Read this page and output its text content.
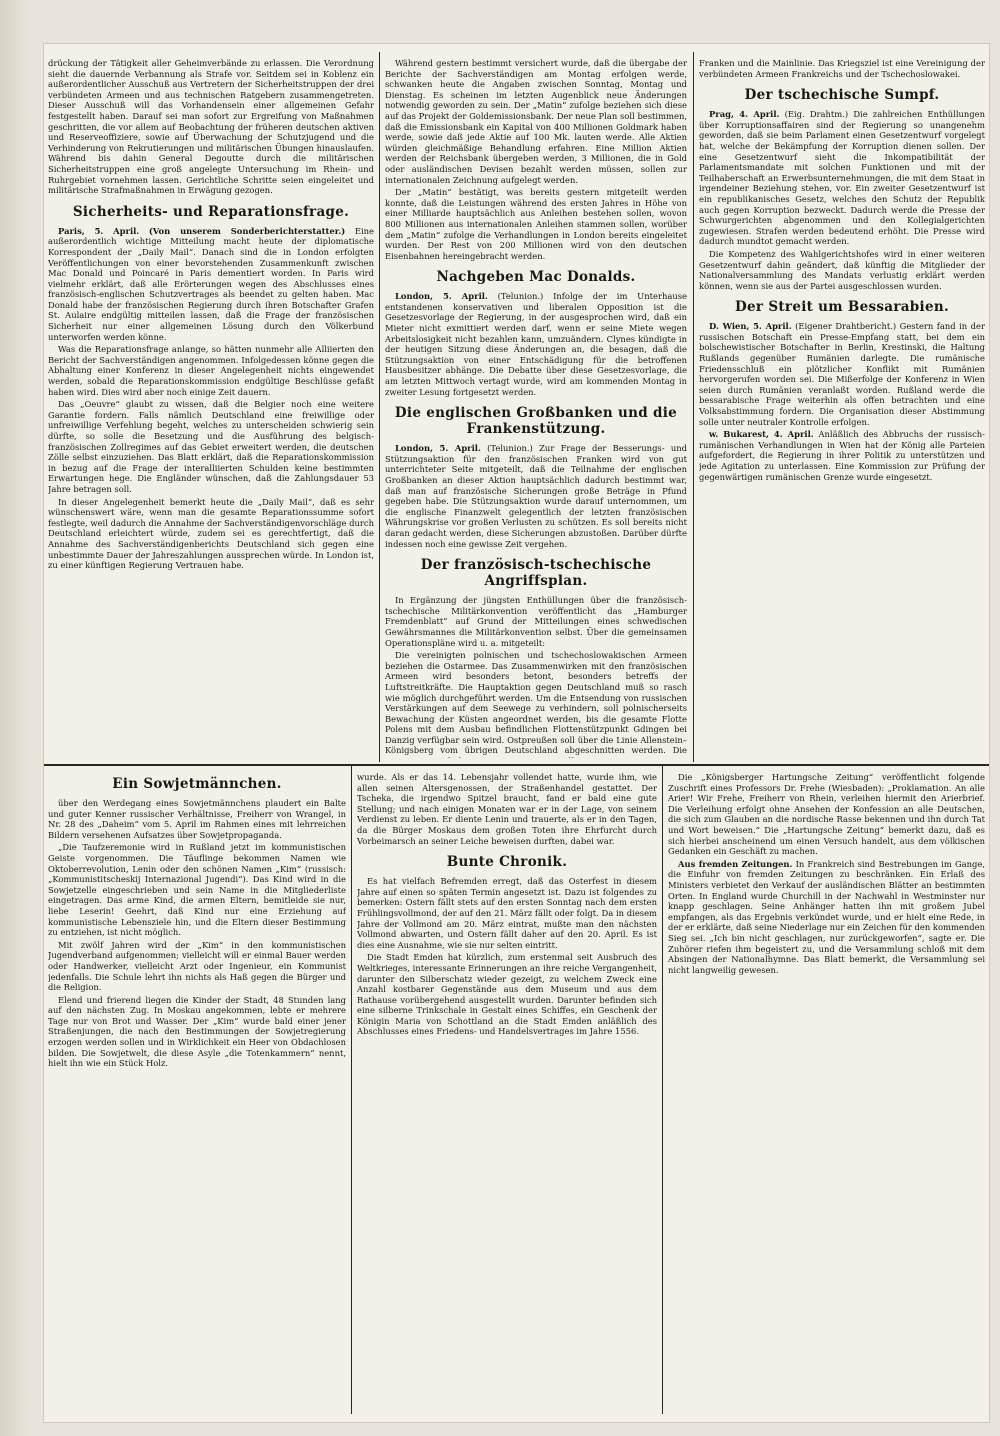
drückung der Tätigkeit aller Geheimverbände zu erlassen. Die Verordnung sieht die dauernde Verbannung als Strafe vor. Seitdem sei in Koblenz ein außerordentlicher Ausschuß aus Vertretern der Sicherheitstruppen der drei verbündeten Armeen und aus technischen Ratgebern zusammengetreten. Dieser Ausschuß will das Vorhandensein einer allgemeinen Gefahr festgestellt haben. Darauf sei man sofort zur Ergreifung von Maßnahmen geschritten, die vor allem auf Beobachtung der früheren deutschen aktiven und Reserveoffiziere, sowie auf Überwachung der Schutzjugend und die Verhinderung von Rekrutierungen und militärischen Übungen hinauslaufen. Während bis dahin General Degoutte durch die militärischen Sicherheitstruppen eine groß angelegte Untersuchung im Rhein- und Ruhrgebiet vornehmen lassen. Gerichtliche Schritte seien eingeleitet und militärische Strafmaßnahmen in Erwägung gezogen.

Sicherheits- und Reparationsfrage.

Paris, 5. April. (Von unserem Sonderberichterstatter.) Eine außerordentlich wichtige Mitteilung macht heute der diplomatische Korrespondent der „Daily Mail“. Danach sind die in London erfolgten Veröffentlichungen von einer bevorstehenden Zusammenkunft zwischen Mac Donald und Poincaré in Paris dementiert worden. In Paris wird vielmehr erklärt, daß alle Erörterungen wegen des Abschlusses eines französisch-englischen Schutzvertrages als beendet zu gelten haben. Mac Donald habe der französischen Regierung durch ihren Botschafter Grafen St. Aulaire endgültig mitteilen lassen, daß die Frage der französischen Sicherheit nur einer allgemeinen Lösung durch den Völkerbund unterworfen werden könne.

Was die Reparationsfrage anlange, so hätten nunmehr alle Alliierten den Bericht der Sachverständigen angenommen. Infolgedessen könne gegen die Abhaltung einer Konferenz in dieser Angelegenheit nichts eingewendet werden, sobald die Reparationskommission endgültige Beschlüsse gefaßt haben wird. Dies wird aber noch einige Zeit dauern.

Das „Oeuvre“ glaubt zu wissen, daß die Belgier noch eine weitere Garantie fordern. Falls nämlich Deutschland eine freiwillige oder unfreiwillige Verfehlung begeht, welches zu unterscheiden schwierig sein dürfte, so solle die Besetzung und die Ausführung des belgisch-französischen Zollregimes auf das Gebiet erweitert werden, die deutschen Zölle selbst einzuziehen. Das Blatt erklärt, daß die Reparationskommission in bezug auf die Frage der interalliierten Schulden keine bestimmten Erwartungen hege. Die Engländer wünschen, daß die Zahlungsdauer 53 Jahre betragen soll.

In dieser Angelegenheit bemerkt heute die „Daily Mail“, daß es sehr wünschenswert wäre, wenn man die gesamte Reparationssumme sofort festlegte, weil dadurch die Annahme der Sachverständigenvorschläge durch Deutschland erleichtert würde, zudem sei es gerechtfertigt, daß die Annahme des Sachverständigenberichts Deutschland sich gegen eine unbestimmte Dauer der Jahreszahlungen aussprechen würde. In London ist, zu einer künftigen Regierung Vertrauen habe.

Während gestern bestimmt versichert wurde, daß die übergabe der Berichte der Sachverständigen am Montag erfolgen werde, schwanken heute die Angaben zwischen Sonntag, Montag und Dienstag. Es scheinen im letzten Augenblick neue Änderungen notwendig geworden zu sein. Der „Matin“ zufolge beziehen sich diese auf das Projekt der Goldemissionsbank. Der neue Plan soll bestimmen, daß die Emissionsbank ein Kapital von 400 Millionen Goldmark haben werde, sowie daß jede Aktie auf 100 Mk. lauten werde. Alle Aktien würden gleichmäßige Behandlung erfahren. Eine Million Aktien werden der Reichsbank übergeben werden, 3 Millionen, die in Gold oder ausländischen Devisen bezahlt werden müssen, sollen zur internationalen Zeichnung aufgelegt werden.

Der „Matin“ bestätigt, was bereits gestern mitgeteilt werden konnte, daß die Leistungen während des ersten Jahres in Höhe von einer Milliarde hauptsächlich aus Anleihen bestehen sollen, wovon 800 Millionen aus internationalen Anleihen stammen sollen, worüber dem „Matin“ zufolge die Verhandlungen in London bereits eingeleitet wurden. Der Rest von 200 Millionen wird von den deutschen Eisenbahnen hereingebracht werden.

Nachgeben Mac Donalds.

London, 5. April. (Telunion.) Infolge der im Unterhause entstandenen konservativen und liberalen Opposition ist die Gesetzesvorlage der Regierung, in der ausgesprochen wird, daß ein Mieter nicht exmittiert werden darf, wenn er seine Miete wegen Arbeitslosigkeit nicht bezahlen kann, umzuändern. Clynes kündigte in der heutigen Sitzung diese Änderungen an, die besagen, daß die Stützungsaktion von einer Entschädigung für die betroffenen Hausbesitzer abhänge. Die Debatte über diese Gesetzesvorlage, die am letzten Mittwoch vertagt wurde, wird am kommenden Montag in zweiter Lesung fortgesetzt werden.

Die englischen Großbanken und die Frankenstützung.

London, 5. April. (Telunion.) Zur Frage der Besserungs- und Stützungsaktion für den französischen Franken wird von gut unterrichteter Seite mitgeteilt, daß die Teilnahme der englischen Großbanken an dieser Aktion hauptsächlich dadurch bestimmt war, daß man auf französische Sicherungen große Beträge in Pfund gegeben habe. Die Stützungsaktion wurde darauf unternommen, um die englische Finanzwelt gelegentlich der letzten französischen Währungskrise vor großen Verlusten zu schützen. Es soll bereits nicht daran gedacht werden, diese Sicherungen abzustoßen. Darüber dürfte indessen noch eine gewisse Zeit vergehen.

Der französisch-tschechische Angriffsplan.

In Ergänzung der jüngsten Enthüllungen über die französisch-tschechische Militärkonvention veröffentlicht das „Hamburger Fremdenblatt“ auf Grund der Mitteilungen eines schwedischen Gewährsmannes die Militärkonvention selbst. Über die gemeinsamen Operationspläne wird u. a. mitgeteilt:

Die vereinigten polnischen und tschechoslowakischen Armeen beziehen die Ostarmee. Das Zusammenwirken mit den französischen Armeen wird besonders betont, besonders betreffs der Luftstreitkräfte. Die Hauptaktion gegen Deutschland muß so rasch wie möglich durchgeführt werden. Um die Entsendung von russischen Verstärkungen auf dem Seewege zu verhindern, soll polnischerseits Bewachung der Küsten angeordnet werden, bis die gesamte Flotte Polens mit dem Ausbau befindlichen Flottenstützpunkt Gdingen bei Danzig verfügbar sein wird. Ostpreußen soll über die Linie Allenstein–Königsberg vom übrigen Deutschland abgeschnitten werden. Die

Franken und die Mainlinie. Das Kriegsziel ist eine Vereinigung der verbündeten Armeen Frankreichs und der Tschechoslowakei.

Der tschechische Sumpf.

Prag, 4. April. (Eig. Drahtm.) Die zahlreichen Enthüllungen über Korruptionsaffairen sind der Regierung so unangenehm geworden, daß sie beim Parlament einen Gesetzentwurf vorgelegt hat, welche der Bekämpfung der Korruption dienen sollen. Der eine Gesetzentwurf sieht die Inkompatibilität der Parlamentsmandate mit solchen Funktionen und mit der Teilhaberschaft an Erwerbsunternehmungen, die mit dem Staat in irgendeiner Beziehung stehen, vor. Ein zweiter Gesetzentwurf ist ein republikanisches Gesetz, welches den Schutz der Republik auch gegen Korruption bezweckt. Dadurch werde die Presse der Schwurgerichten abgenommen und den Kollegialgerichten zugewiesen. Strafen werden bedeutend erhöht. Die Presse wird dadurch mundtot gemacht werden.

Die Kompetenz des Wahlgerichtshofes wird in einer weiteren Gesetzentwurf dahin geändert, daß künftig die Mitglieder der Nationalversammlung des Mandats verlustig erklärt werden können, wenn sie aus der Partei ausgeschlossen wurden.

Der Streit um Bessarabien.

D. Wien, 5. April. (Eigener Drahtbericht.) Gestern fand in der russischen Botschaft ein Presse-Empfang statt, bei dem ein bolschewistischer Botschafter in Berlin, Krestinski, die Haltung Rußlands gegenüber Rumänien darlegte. Die rumänische Friedensschluß ein plötzlicher Konflikt mit Rumänien hervorgerufen worden sei. Die Mißerfolge der Konferenz in Wien seien durch Rumänien veranlaßt worden. Rußland werde die bessarabische Frage weiterhin als offen betrachten und eine Volksabstimmung fordern. Die Organisation dieser Abstimmung solle unter neutraler Kontrolle erfolgen.

w. Bukarest, 4. April. Anläßlich des Abbruchs der russisch-rumänischen Verhandlungen in Wien hat der König alle Parteien aufgefordert, die Regierung in ihrer Politik zu unterstützen und jede Agitation zu unterlassen. Eine Kommission zur Prüfung der gegenwärtigen rumänischen Grenze wurde eingesetzt.

Ein Sowjetmännchen.

über den Werdegang eines Sowjetmännchens plaudert ein Balte und guter Kenner russischer Verhältnisse, Freiherr von Wrangel, in Nr. 28 des „Daheim“ vom 5. April im Rahmen eines mit lehrreichen Bildern versehenen Aufsatzes über Sowjetpropaganda.

„Die Taufzeremonie wird in Rußland jetzt im kommunistischen Geiste vorgenommen. Die Täuflinge bekommen Namen wie Oktoberrevolution, Lenin oder den schönen Namen „Kim“ (russisch: „Kommunistitscheskij Internazional Jugendi“). Das Kind wird in die Sowjetzelle eingeschrieben und sein Name in die Mitgliederliste eingetragen. Das arme Kind, die armen Eltern, bemitleide sie nur, liebe Leserin! Geehrt, daß Kind nur eine Erziehung auf kommunistische Lebensziele hin, und die Eltern dieser Bestimmung zu entziehen, ist nicht möglich.

Mit zwölf Jahren wird der „Kim“ in den kommunistischen Jugendverband aufgenommen; vielleicht will er einmal Bauer werden oder Handwerker, vielleicht Arzt oder Ingenieur, ein Kommunist jedenfalls. Die Schule lehrt ihn nichts als Haß gegen die Bürger und die Religion.

Elend und frierend liegen die Kinder der Stadt, 48 Stunden lang auf den nächsten Zug. In Moskau angekommen, lebte er mehrere Tage nur von Brot und Wasser. Der „Kim“ wurde bald einer jener Straßenjungen, die nach den Bestimmungen der Sowjetregierung erzogen werden sollen und in Wirklichkeit ein Heer von Obdachlosen bilden. Die Sowjetwelt, die diese Asyle „die Totenkammern“ nennt, hielt ihn wie ein Stück Holz.

wurde. Als er das 14. Lebensjahr vollendet hatte, wurde ihm, wie allen seinen Altersgenossen, der Straßenhandel gestattet. Der Tscheka, die irgendwo Spitzel braucht, fand er bald eine gute Stellung; und nach einigen Monaten war er in der Lage, von seinem Verdienst zu leben. Er diente Lenin und trauerte, als er in den Tagen, da die Bürger Moskaus dem großen Toten ihre Ehrfurcht durch Vorbeimarsch an seiner Leiche beweisen durften, dabei war.

Bunte Chronik.

Es hat vielfach Befremden erregt, daß das Osterfest in diesem Jahre auf einen so späten Termin angesetzt ist. Dazu ist folgendes zu bemerken: Ostern fällt stets auf den ersten Sonntag nach dem ersten Frühlingsvollmond, der auf den 21. März fällt oder folgt. Da in diesem Jahre der Vollmond am 20. März eintrat, mußte man den nächsten Vollmond abwarten, und Ostern fällt daher auf den 20. April. Es ist dies eine Ausnahme, wie sie nur selten eintritt.

Die Stadt Emden hat kürzlich, zum erstenmal seit Ausbruch des Weltkrieges, interessante Erinnerungen an ihre reiche Vergangenheit, darunter den Silberschatz wieder gezeigt, zu welchem Zweck eine Anzahl kostbarer Gegenstände aus dem Museum und aus dem Rathause vorübergehend ausgestellt wurden. Darunter befinden sich eine silberne Trinkschale in Gestalt eines Schiffes, ein Geschenk der Königin Maria von Schottland an die Stadt Emden anläßlich des Abschlusses eines Friedens- und Handelsvertrages im Jahre 1556.

Die „Königsberger Hartungsche Zeitung“ veröffentlicht folgende Zuschrift eines Professors Dr. Frehe (Wiesbaden): „Proklamation. An alle Arier! Wir Frehe, Freiherr von Rhein, verleihen hiermit den Arierbrief. Die Verleihung erfolgt ohne Ansehen der Konfession an alle Deutschen, die sich zum Glauben an die nordische Rasse bekennen und ihn durch Tat und Wort beweisen.“ Die „Hartungsche Zeitung“ bemerkt dazu, daß es sich hierbei anscheinend um einen Versuch handelt, aus dem völkischen Gedanken ein Geschäft zu machen.

Aus fremden Zeitungen. In Frankreich sind Bestrebungen im Gange, die Einfuhr von fremden Zeitungen zu beschränken. Ein Erlaß des Ministers verbietet den Verkauf der ausländischen Blätter an bestimmten Orten. In England wurde Churchill in der Nachwahl in Westminster nur knapp geschlagen. Seine Anhänger hatten ihn mit großem Jubel empfangen, als das Ergebnis verkündet wurde, und er hielt eine Rede, in der er erklärte, daß seine Niederlage nur ein Zeichen für den kommenden Sieg sei. „Ich bin nicht geschlagen, nur zurückgeworfen“, sagte er. Die Zuhörer riefen ihm begeistert zu, und die Versammlung schloß mit dem Absingen der Nationalhymne. Das Blatt bemerkt, die Versammlung sei nicht langweilig gewesen.
